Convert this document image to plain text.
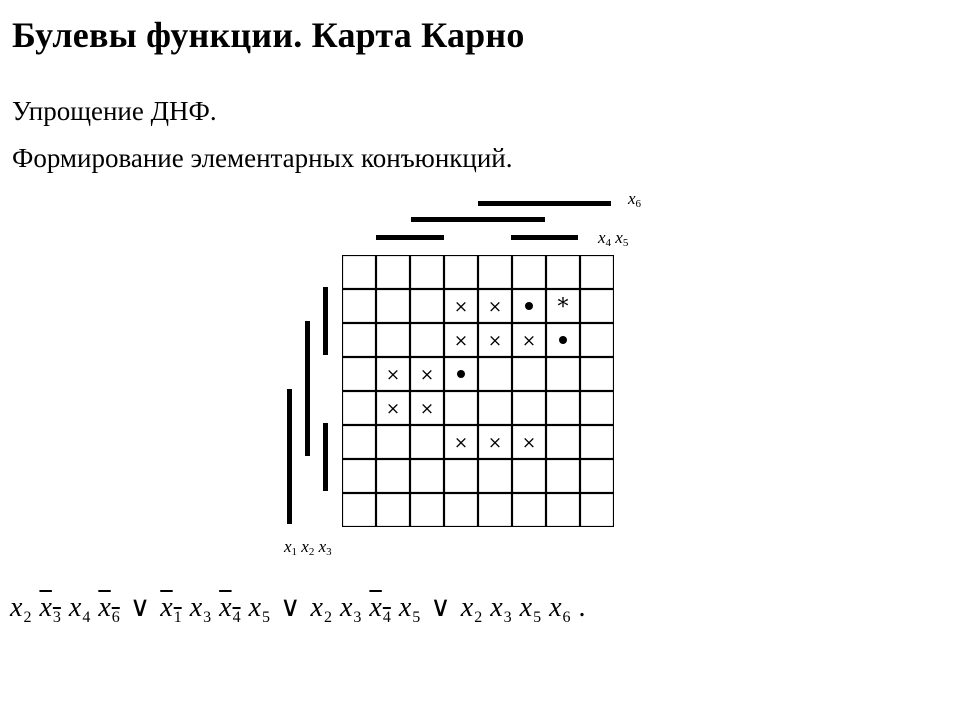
Булевы функции. Карта Карно
Упрощение ДНФ.
Формирование элементарных конъюнкций.
$x_6$
$x_4$ $x_5$
$x_1$ $x_2$ $x_3$
× ×	*
× × ×
× ×
× ×
× × ×
$x_2$ $x_3$ $x_4$ $x_6$ ∨ $x_1$ $x_3$ $x_4$ $x_5$ ∨ $x_2$ $x_3$ $x_4$ $x_5$ ∨ $x_2$ $x_3$ $x_5$ $x_6$ .
